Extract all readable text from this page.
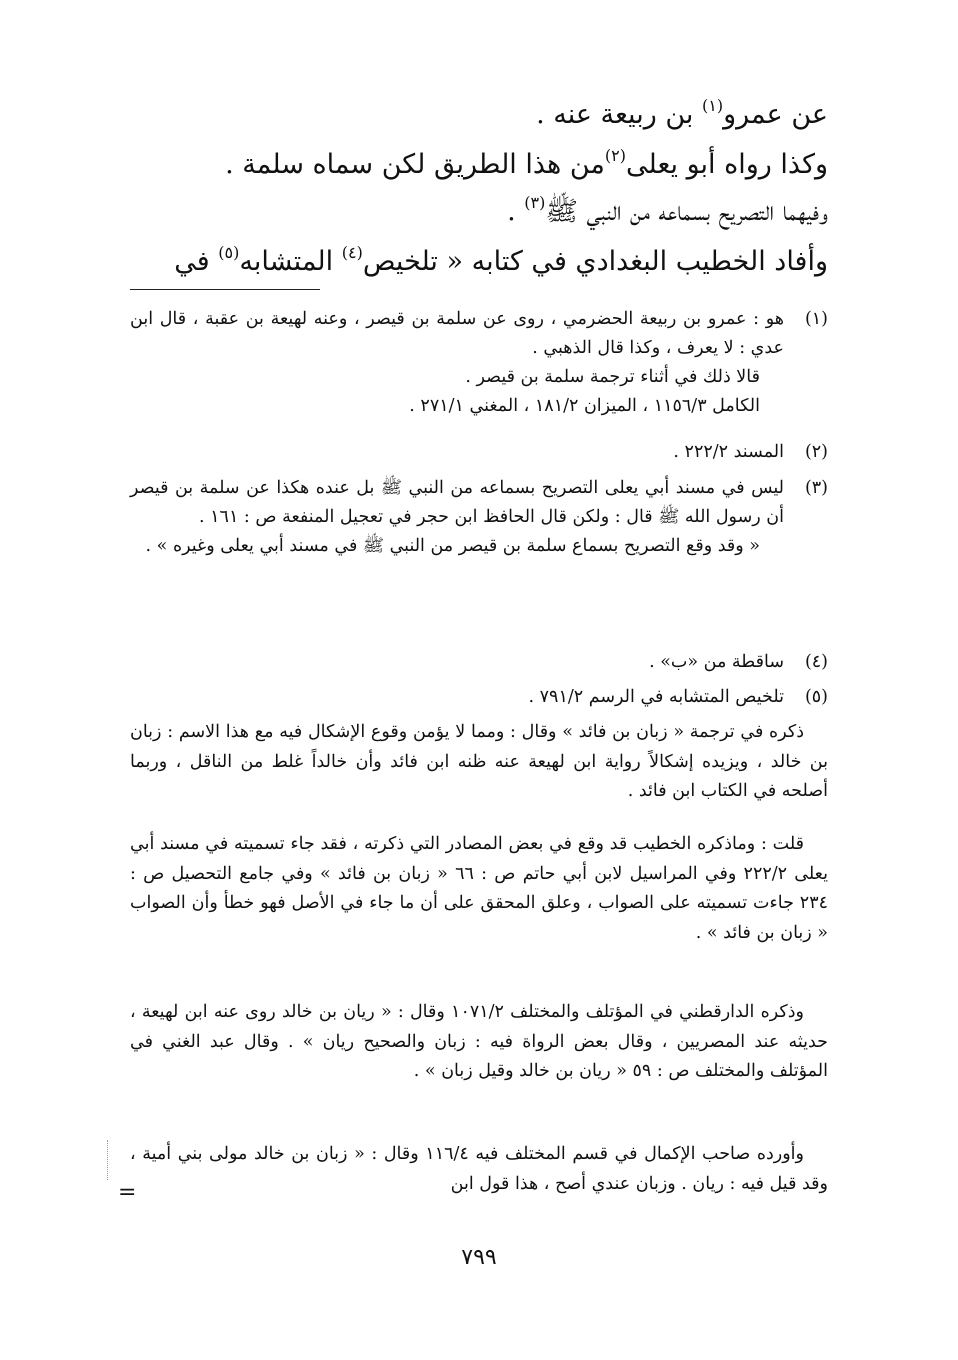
عن عمرو$^{(١)}$ بن ربيعة عنه .
وكذا رواه أبو يعلى$^{(٢)}$من هذا الطريق لكن سماه سلمة .
وفيهما التصريح بسماعه من النبي ﷺ$^{(٣)}$ .
وأفاد الخطيب البغدادي في كتابه « تلخيص$^{(٤)}$ المتشابه$^{(٥)}$ في
(١)

هو : عمرو بن ربيعة الحضرمي ، روى عن سلمة بن قيصر ، وعنه لهيعة بن عقبة ، قال ابن عدي : لا يعرف ، وكذا قال الذهبي .

قالا ذلك في أثناء ترجمة سلمة بن قيصر .

الكامل ١١٥٦/٣ ، الميزان ١٨١/٢ ، المغني ٢٧١/١ .

(٢)

المسند ٢٢٢/٢ .

(٣)

ليس في مسند أبي يعلى التصريح بسماعه من النبي ﷺ بل عنده هكذا عن سلمة بن قيصر أن رسول الله ﷺ قال : ولكن قال الحافظ ابن حجر في تعجيل المنفعة ص : ١٦١ .

« وقد وقع التصريح بسماع سلمة بن قيصر من النبي ﷺ في مسند أبي يعلى وغيره » .

(٤)

ساقطة من «ب» .

(٥)

تلخيص المتشابه في الرسم ٧٩١/٢ .

ذكره في ترجمة « زبان بن فائد » وقال : ومما لا يؤمن وقوع الإشكال فيه مع هذا الاسم : زبان بن خالد ، ويزيده إشكالاً رواية ابن لهيعة عنه ظنه ابن فائد وأن خالداً غلط من الناقل ، وربما أصلحه في الكتاب ابن فائد .

قلت : وماذكره الخطيب قد وقع في بعض المصادر التي ذكرته ، فقد جاء تسميته في مسند أبي يعلى ٢٢٢/٢ وفي المراسيل لابن أبي حاتم ص : ٦٦ « زبان بن فائد » وفي جامع التحصيل ص : ٢٣٤ جاءت تسميته على الصواب ، وعلق المحقق على أن ما جاء في الأصل فهو خطأ وأن الصواب « زبان بن فائد » .

وذكره الدارقطني في المؤتلف والمختلف ١٠٧١/٢ وقال : « ريان بن خالد روى عنه ابن لهيعة ، حديثه عند المصريين ، وقال بعض الرواة فيه : زبان والصحيح ريان » . وقال عبد الغني في المؤتلف والمختلف ص : ٥٩ « ريان بن خالد وقيل زبان » .

وأورده صاحب الإكمال في قسم المختلف فيه ١١٦/٤ وقال : « زبان بن خالد مولى بني أمية ، وقد قيل فيه : ريان . وزبان عندي أصح ، هذا قول ابن

=
٧٩٩
